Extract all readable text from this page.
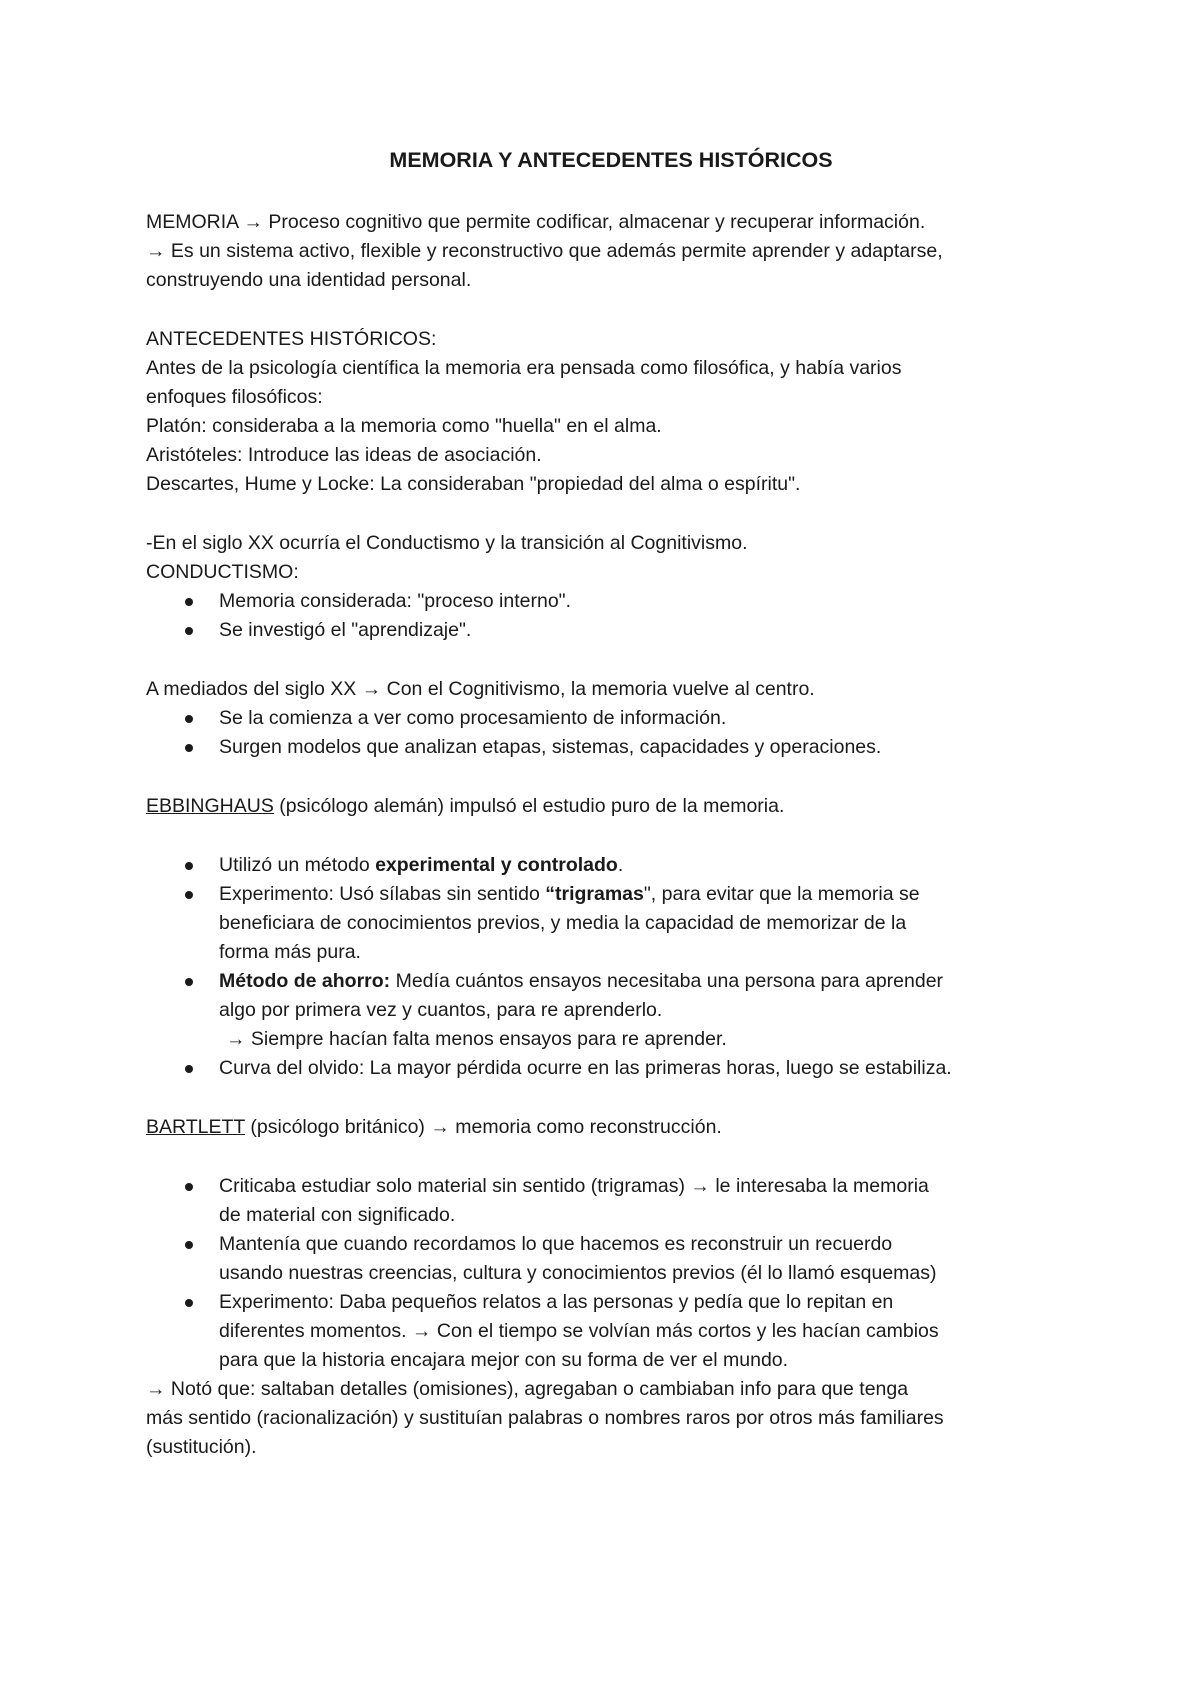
MEMORIA Y ANTECEDENTES HISTÓRICOS
MEMORIA → Proceso cognitivo que permite codificar, almacenar y recuperar información.
→ Es un sistema activo, flexible y reconstructivo que además permite aprender y adaptarse,
construyendo una identidad personal.
ANTECEDENTES HISTÓRICOS:
Antes de la psicología científica la memoria era pensada como filosófica, y había varios
enfoques filosóficos:
Platón: consideraba a la memoria como "huella" en el alma.
Aristóteles: Introduce las ideas de asociación.
Descartes, Hume y Locke: La consideraban "propiedad del alma o espíritu".
-En el siglo XX ocurría el Conductismo y la transición al Cognitivismo.
CONDUCTISMO:
Memoria considerada: "proceso interno".
Se investigó el "aprendizaje".
A mediados del siglo XX → Con el Cognitivismo, la memoria vuelve al centro.
Se la comienza a ver como procesamiento de información.
Surgen modelos que analizan etapas, sistemas, capacidades y operaciones.
EBBINGHAUS (psicólogo alemán) impulsó el estudio puro de la memoria.
Utilizó un método experimental y controlado.
Experimento: Usó sílabas sin sentido “trigramas", para evitar que la memoria se
beneficiara de conocimientos previos, y media la capacidad de memorizar de la
forma más pura.
Método de ahorro: Medía cuántos ensayos necesitaba una persona para aprender
algo por primera vez y cuantos, para re aprenderlo.
→ Siempre hacían falta menos ensayos para re aprender.
Curva del olvido: La mayor pérdida ocurre en las primeras horas, luego se estabiliza.
BARTLETT (psicólogo británico) → memoria como reconstrucción.
Criticaba estudiar solo material sin sentido (trigramas) → le interesaba la memoria
de material con significado.
Mantenía que cuando recordamos lo que hacemos es reconstruir un recuerdo
usando nuestras creencias, cultura y conocimientos previos (él lo llamó esquemas)
Experimento: Daba pequeños relatos a las personas y pedía que lo repitan en
diferentes momentos. → Con el tiempo se volvían más cortos y les hacían cambios
para que la historia encajara mejor con su forma de ver el mundo.
→ Notó que: saltaban detalles (omisiones), agregaban o cambiaban info para que tenga
más sentido (racionalización) y sustituían palabras o nombres raros por otros más familiares
(sustitución).
